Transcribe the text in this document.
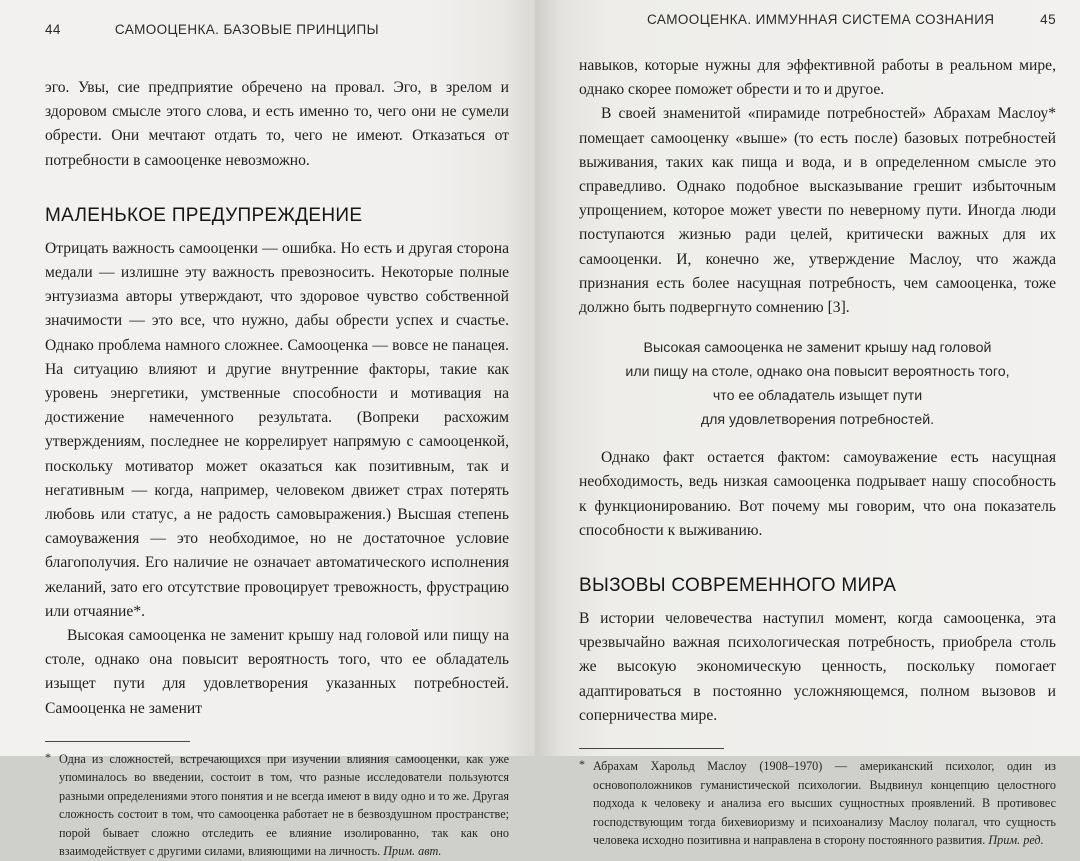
44	САМООЦЕНКА. БАЗОВЫЕ ПРИНЦИПЫ

эго. Увы, сие предприятие обречено на провал. Эго, в зрелом и здоровом смысле этого слова, и есть именно то, чего они не сумели обрести. Они мечтают отдать то, чего не имеют. Отказаться от потребности в самооценке невозможно.

МАЛЕНЬКОЕ ПРЕДУПРЕЖДЕНИЕ

Отрицать важность самооценки — ошибка. Но есть и другая сторона медали — излишне эту важность превозносить. Некоторые полные энтузиазма авторы утверждают, что здоровое чувство собственной значимости — это все, что нужно, дабы обрести успех и счастье. Однако проблема намного сложнее. Самооценка — вовсе не панацея. На ситуацию влияют и другие внутренние факторы, такие как уровень энергетики, умственные способности и мотивация на достижение намеченного результата. (Вопреки расхожим утверждениям, последнее не коррелирует напрямую с самооценкой, поскольку мотиватор может оказаться как позитивным, так и негативным — когда, например, человеком движет страх потерять любовь или статус, а не радость самовыражения.) Высшая степень самоуважения — это необходимое, но не достаточное условие благополучия. Его наличие не означает автоматического исполнения желаний, зато его отсутствие провоцирует тревожность, фрустрацию или отчаяние*.

Высокая самооценка не заменит крышу над головой или пищу на столе, однако она повысит вероятность того, что ее обладатель изыщет пути для удовлетворения указанных потребностей. Самооценка не заменит

* Одна из сложностей, встречающихся при изучении влияния самооценки, как уже упоминалось во введении, состоит в том, что разные исследователи пользуются разными определениями этого понятия и не всегда имеют в виду одно и то же. Другая сложность состоит в том, что самооценка работает не в безвоздушном пространстве; порой бывает сложно отследить ее влияние изолированно, так как оно взаимодействует с другими силами, влияющими на личность. Прим. авт.

САМООЦЕНКА. ИММУННАЯ СИСТЕМА СОЗНАНИЯ	45

навыков, которые нужны для эффективной работы в реальном мире, однако скорее поможет обрести и то и другое.

В своей знаменитой «пирамиде потребностей» Абрахам Маслоу* помещает самооценку «выше» (то есть после) базовых потребностей выживания, таких как пища и вода, и в определенном смысле это справедливо. Однако подобное высказывание грешит избыточным упрощением, которое может увести по неверному пути. Иногда люди поступаются жизнью ради целей, критически важных для их самооценки. И, конечно же, утверждение Маслоу, что жажда признания есть более насущная потребность, чем самооценка, тоже должно быть подвергнуто сомнению [3].

Высокая самооценка не заменит крышу над головой
или пищу на столе, однако она повысит вероятность того,
что ее обладатель изыщет пути
для удовлетворения потребностей.

Однако факт остается фактом: самоуважение есть насущная необходимость, ведь низкая самооценка подрывает нашу способность к функционированию. Вот почему мы говорим, что она показатель способности к выживанию.

ВЫЗОВЫ СОВРЕМЕННОГО МИРА

В истории человечества наступил момент, когда самооценка, эта чрезвычайно важная психологическая потребность, приобрела столь же высокую экономическую ценность, поскольку помогает адаптироваться в постоянно усложняющемся, полном вызовов и соперничества мире.

* Абрахам Харольд Маслоу (1908–1970) — американский психолог, один из основоположников гуманистической психологии. Выдвинул концепцию целостного подхода к человеку и анализа его высших сущностных проявлений. В противовес господствующим тогда бихевиоризму и психоанализу Маслоу полагал, что сущность человека исходно позитивна и направлена в сторону постоянного развития. Прим. ред.
